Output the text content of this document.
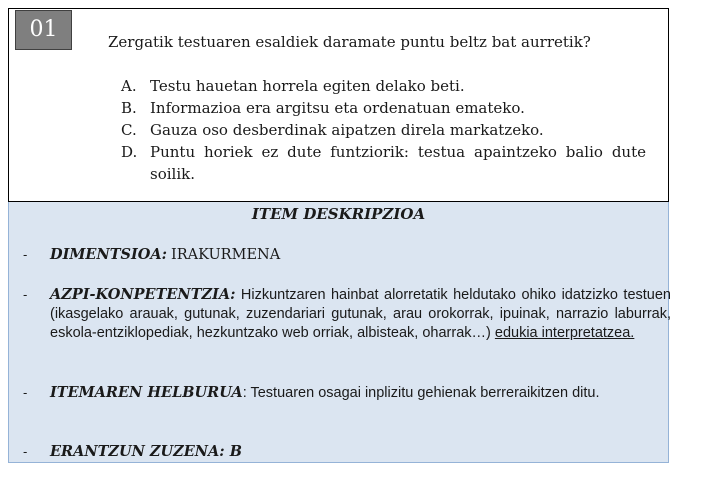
01	Zergatik testuaren esaldiek daramate puntu beltz bat aurretik?
A. Testu hauetan horrela egiten delako beti.
B. Informazioa era argitsu eta ordenatuan emateko.
C. Gauza oso desberdinak aipatzen direla markatzeko.
D. Puntu horiek ez dute funtziorik: testua apaintzeko balio dute soilik.
ITEM DESKRIPZIOA
-	DIMENTSIOA: IRAKURMENA
-	AZPI-KONPETENTZIA: Hizkuntzaren hainbat alorretatik heldutako ohiko idatzizko testuen (ikasgelako arauak, gutunak, zuzendariari gutunak, arau orokorrak, ipuinak, narrazio laburrak, eskola-entziklopediak, hezkuntzako web orriak, albisteak, oharrak…) edukia interpretatzea.
-	ITEMAREN HELBURUA: Testuaren osagai inplizitu gehienak berreraikitzen ditu.
-	ERANTZUN ZUZENA: B
